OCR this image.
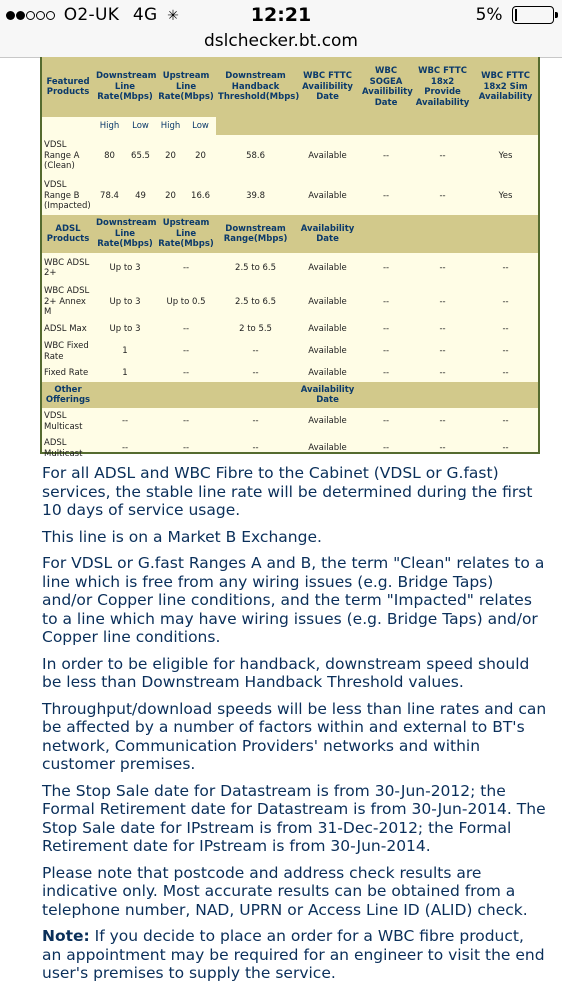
O2-UK 4G ✳	12:21	5%
dslchecker.bt.com
Featured Products	Downstream Line Rate(Mbps)		Upstream Line Rate(Mbps)		Downstream Handback Threshold(Mbps)	WBC FTTC Availibility Date	WBC SOGEA Availibility Date	WBC FTTC 18x2 Provide Availability	WBC FTTC 18x2 Sim Availability
	High	Low	High	Low					
VDSL Range A (Clean)	80	65.5	20	20	58.6	Available	--	--	Yes
VDSL Range B (Impacted)	78.4	49	20	16.6	39.8	Available	--	--	Yes
ADSL Products	Downstream Line Rate(Mbps)		Upstream Line Rate(Mbps)		Downstream Range(Mbps)	Availability Date			
WBC ADSL 2+	Up to 3		--		2.5 to 6.5	Available	--	--	--
WBC ADSL 2+ Annex M	Up to 3		Up to 0.5		2.5 to 6.5	Available	--	--	--
ADSL Max	Up to 3		--		2 to 5.5	Available	--	--	--
WBC Fixed Rate	1		--		--	Available	--	--	--
Fixed Rate	1		--		--	Available	--	--	--
Other Offerings						Availability Date			
VDSL Multicast	--		--		--	Available	--	--	--
ADSL Multicast	--		--		--	Available	--	--	--

For all ADSL and WBC Fibre to the Cabinet (VDSL or G.fast) services, the stable line rate will be determined during the first 10 days of service usage.

This line is on a Market B Exchange.

For VDSL or G.fast Ranges A and B, the term "Clean" relates to a line which is free from any wiring issues (e.g. Bridge Taps) and/or Copper line conditions, and the term "Impacted" relates to a line which may have wiring issues (e.g. Bridge Taps) and/or Copper line conditions.

In order to be eligible for handback, downstream speed should be less than Downstream Handback Threshold values.

Throughput/download speeds will be less than line rates and can be affected by a number of factors within and external to BT's network, Communication Providers' networks and within customer premises.

The Stop Sale date for Datastream is from 30-Jun-2012; the Formal Retirement date for Datastream is from 30-Jun-2014. The Stop Sale date for IPstream is from 31-Dec-2012; the Formal Retirement date for IPstream is from 30-Jun-2014.

Please note that postcode and address check results are indicative only. Most accurate results can be obtained from a telephone number, NAD, UPRN or Access Line ID (ALID) check.

Note: If you decide to place an order for a WBC fibre product, an appointment may be required for an engineer to visit the end user's premises to supply the service.
